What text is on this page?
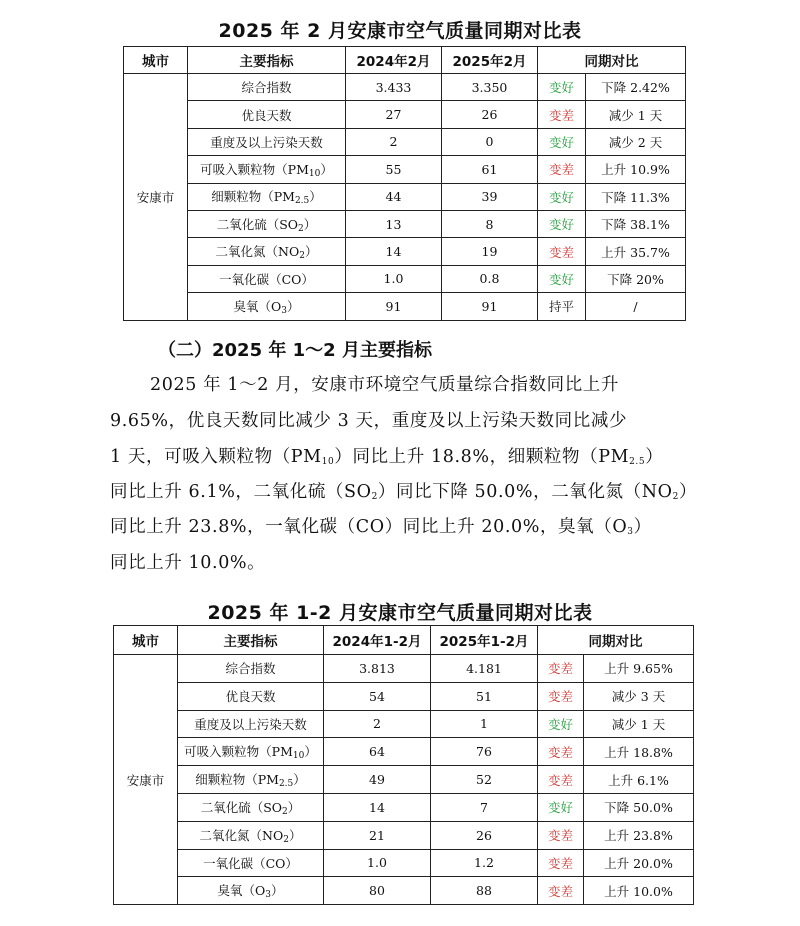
2025 年 2 月安康市空气质量同期对比表
城市	主要指标	2024年2月	2025年2月	同期对比	
安康市	综合指数	3.433	3.350	变好	下降 2.42%
	优良天数	27	26	变差	减少 1 天
	重度及以上污染天数	2	0	变好	减少 2 天
	可吸入颗粒物$(PM_{10})$	55	61	变差	上升 10.9%
	细颗粒物$(PM_{2.5})$	44	39	变好	下降 11.3%
	二氧化硫$(SO_2)$	13	8	变好	下降 38.1%
	二氧化氮$(NO_2)$	14	19	变差	上升 35.7%
	一氧化碳（CO）	1.0	0.8	变好	下降 20%
	臭氧$(O_3)$	91	91	持平	/
（二）2025 年 1～2 月主要指标
2025 年 1～2 月，安康市环境空气质量综合指数同比上升
9.65%，优良天数同比减少 3 天，重度及以上污染天数同比减少
1 天，可吸入颗粒物$(PM_{10})$同比上升 18.8%，细颗粒物$(PM_{2.5})$
同比上升 6.1%，二氧化硫$(SO_2)$同比下降 50.0%，二氧化氮$(NO_2)$
同比上升 23.8%，一氧化碳（CO）同比上升 20.0%，臭氧$(O_3)$
同比上升 10.0%。
2025 年 1-2 月安康市空气质量同期对比表
城市	主要指标	2024年1-2月	2025年1-2月	同期对比	
安康市	综合指数	3.813	4.181	变差	上升 9.65%
	优良天数	54	51	变差	减少 3 天
	重度及以上污染天数	2	1	变好	减少 1 天
	可吸入颗粒物$(PM_{10})$	64	76	变差	上升 18.8%
	细颗粒物$(PM_{2.5})$	49	52	变差	上升 6.1%
	二氧化硫$(SO_2)$	14	7	变好	下降 50.0%
	二氧化氮$(NO_2)$	21	26	变差	上升 23.8%
	一氧化碳（CO）	1.0	1.2	变差	上升 20.0%
	臭氧$(O_3)$	80	88	变差	上升 10.0%
